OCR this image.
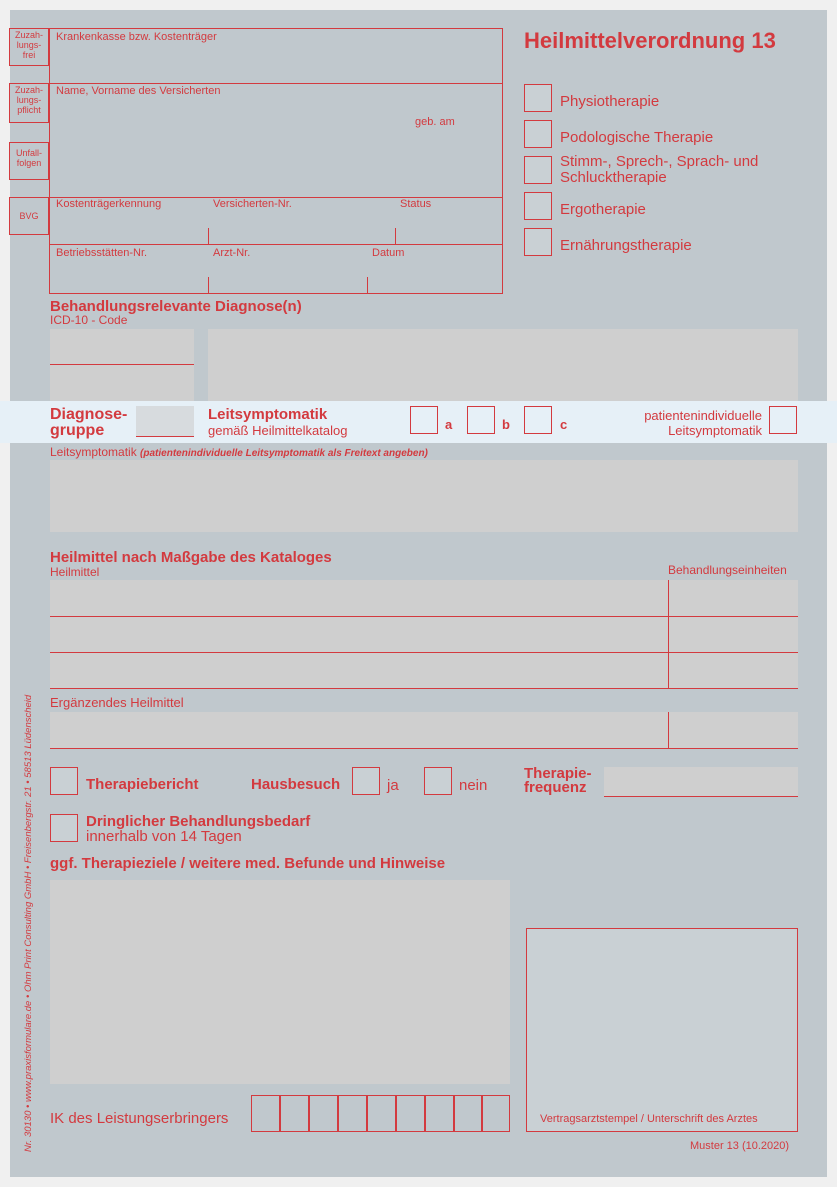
Heilmittelverordnung 13
Zuzah-
lungs-
frei
Zuzah-
lungs-
pflicht
Unfall-
folgen
BVG
Krankenkasse bzw. Kostenträger
Name, Vorname des Versicherten
geb. am
Kostenträgerkennung	Versicherten-Nr.	Status
Betriebsstätten-Nr.	Arzt-Nr.	Datum
Physiotherapie
Podologische Therapie
Stimm-, Sprech-, Sprach- und Schlucktherapie
Ergotherapie
Ernährungstherapie
Behandlungsrelevante Diagnose(n)
ICD-10 - Code
Diagnose-
gruppe
Leitsymptomatik
gemäß Heilmittelkatalog	a	b	c
patientenindividuelle
Leitsymptomatik
Leitsymptomatik (patientenindividuelle Leitsymptomatik als Freitext angeben)
Heilmittel nach Maßgabe des Kataloges
Heilmittel	Behandlungseinheiten
Ergänzendes Heilmittel
Therapiebericht	Hausbesuch	ja	nein
Therapie-
frequenz
Dringlicher Behandlungsbedarf
innerhalb von 14 Tagen
ggf. Therapieziele / weitere med. Befunde und Hinweise
Vertragsarztstempel / Unterschrift des Arztes
IK des Leistungserbringers
Muster 13 (10.2020)
Nr. 30130 • www.praxisformulare.de • Ohm Print Consulting GmbH • Freisenbergstr. 21 • 58513 Lüdenscheid
